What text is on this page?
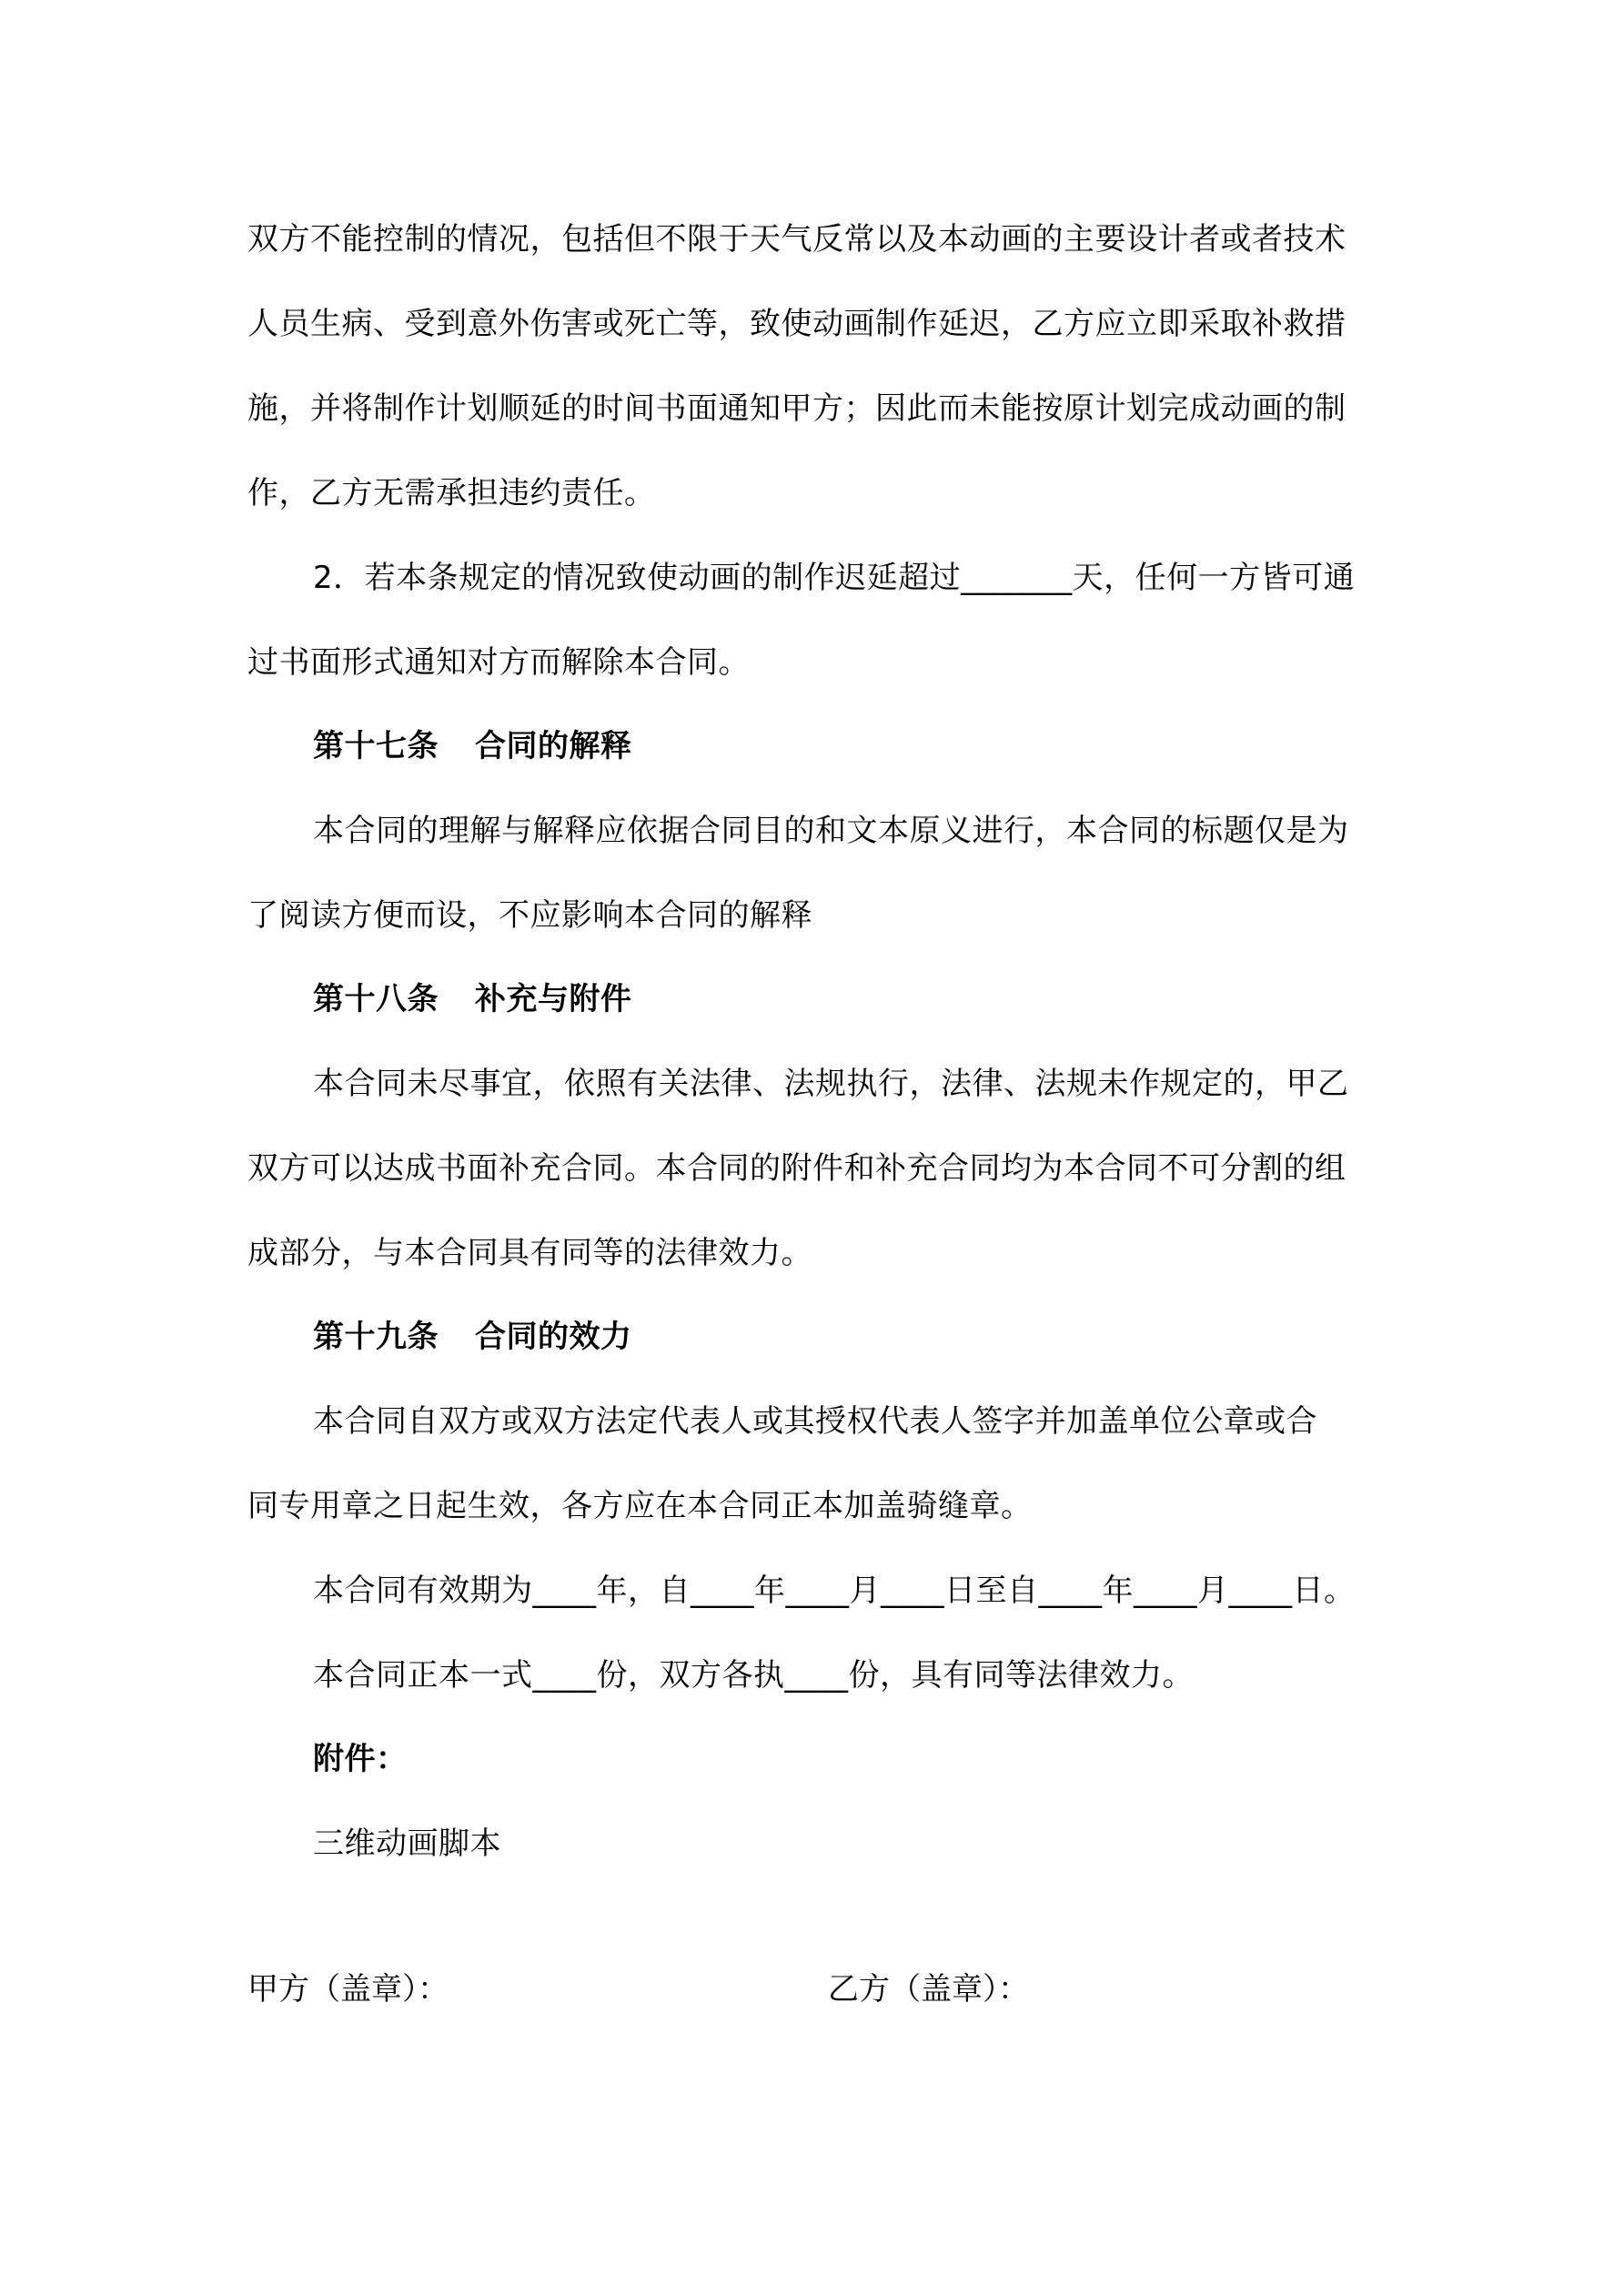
双方不能控制的情况，包括但不限于天气反常以及本动画的主要设计者或者技术
人员生病、受到意外伤害或死亡等，致使动画制作延迟，乙方应立即采取补救措
施，并将制作计划顺延的时间书面通知甲方；因此而未能按原计划完成动画的制
作，乙方无需承担违约责任。
2．若本条规定的情况致使动画的制作迟延超过_______天，任何一方皆可通
过书面形式通知对方而解除本合同。
第十七条 合同的解释
本合同的理解与解释应依据合同目的和文本原义进行，本合同的标题仅是为
了阅读方便而设，不应影响本合同的解释
第十八条 补充与附件
本合同未尽事宜，依照有关法律、法规执行，法律、法规未作规定的，甲乙
双方可以达成书面补充合同。本合同的附件和补充合同均为本合同不可分割的组
成部分，与本合同具有同等的法律效力。
第十九条 合同的效力
本合同自双方或双方法定代表人或其授权代表人签字并加盖单位公章或合
同专用章之日起生效，各方应在本合同正本加盖骑缝章。
本合同有效期为____年，自____年____月____日至自____年____月____日。
本合同正本一式____份，双方各执____份，具有同等法律效力。
附件：
三维动画脚本
甲方（盖章）：	乙方（盖章）：
